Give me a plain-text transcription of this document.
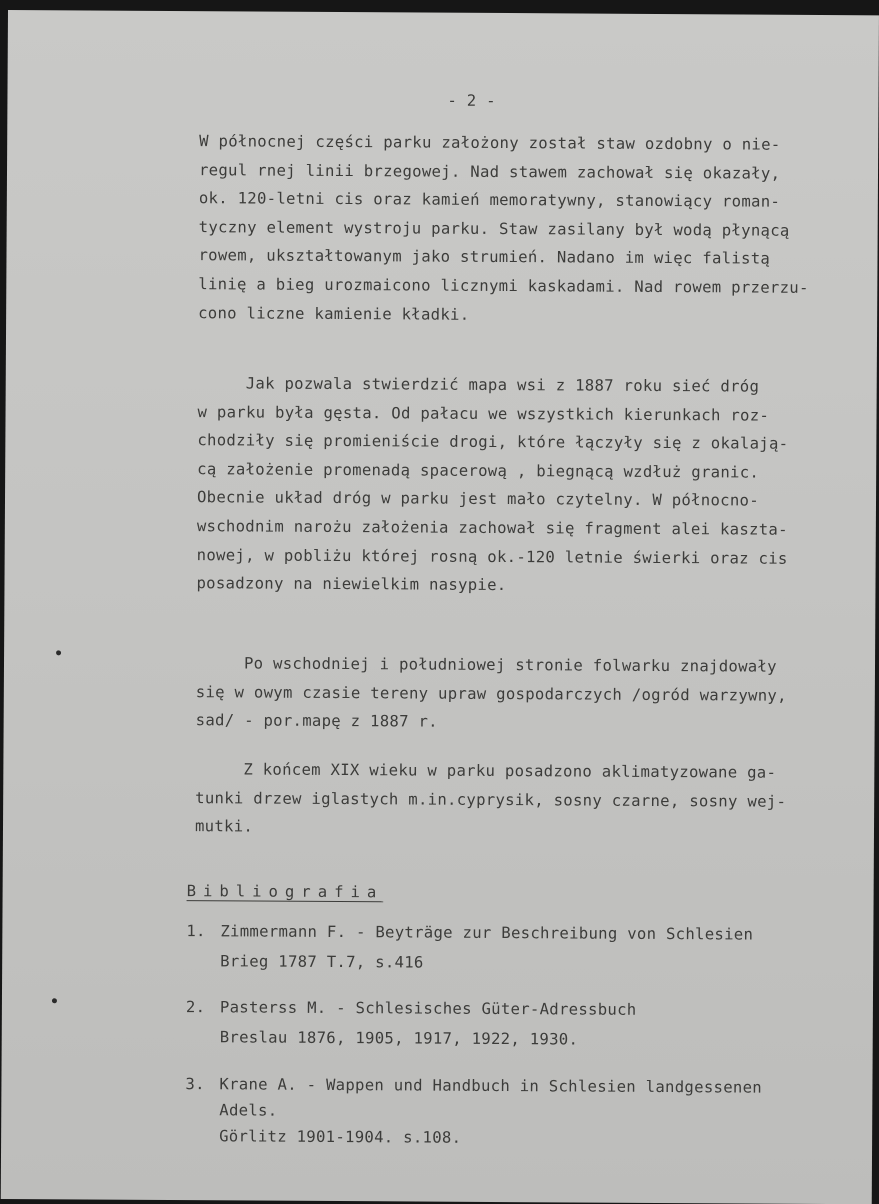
- 2 -
W północnej części parku założony został staw ozdobny o nie-
regul rnej linii brzegowej. Nad stawem zachował się okazały,
ok. 120-letni cis oraz kamień memoratywny, stanowiący roman-
tyczny element wystroju parku. Staw zasilany był wodą płynącą
rowem, ukształtowanym jako strumień. Nadano im więc falistą
linię a bieg urozmaicono licznymi kaskadami. Nad rowem przerzu-
cono liczne kamienie kładki.
Jak pozwala stwierdzić mapa wsi z 1887 roku sieć dróg
w parku była gęsta. Od pałacu we wszystkich kierunkach roz-
chodziły się promieniście drogi, które łączyły się z okalają-
cą założenie promenadą spacerową , biegnącą wzdłuż granic.
Obecnie układ dróg w parku jest mało czytelny. W północno-
wschodnim narożu założenia zachował się fragment alei kaszta-
nowej, w pobliżu której rosną ok.-120 letnie świerki oraz cis
posadzony na niewielkim nasypie.
Po wschodniej i południowej stronie folwarku znajdowały
się w owym czasie tereny upraw gospodarczych /ogród warzywny,
sad/ - por.mapę z 1887 r.
Z końcem XIX wieku w parku posadzono aklimatyzowane ga-
tunki drzew iglastych m.in.cyprysik, sosny czarne, sosny wej-
mutki.
Bibliografia
1. Zimmermann F. - Beyträge zur Beschreibung von Schlesien
Brieg 1787 T.7, s.416
2. Pasterss M. - Schlesisches Güter-Adressbuch
Breslau 1876, 1905, 1917, 1922, 1930.
3. Krane A. - Wappen und Handbuch in Schlesien landgessenen
Adels.
Görlitz 1901-1904. s.108.
